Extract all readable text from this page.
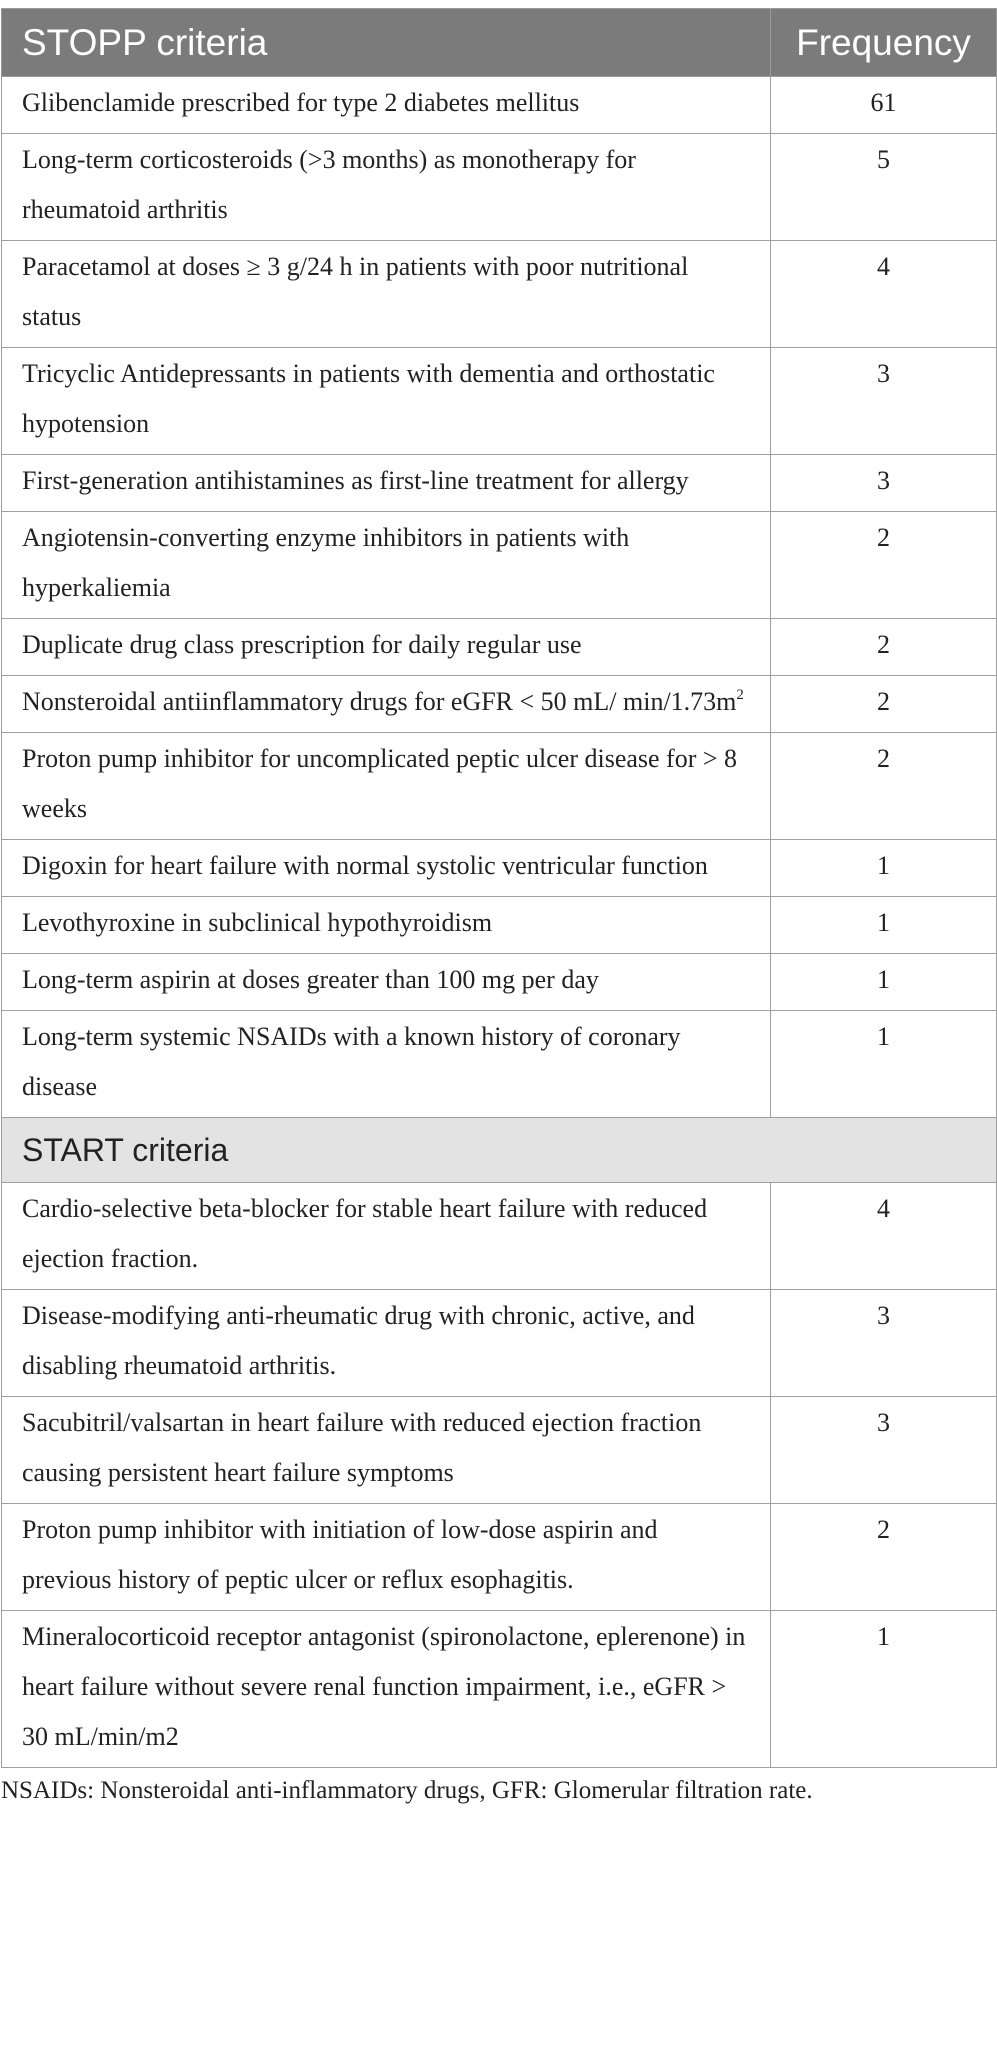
STOPP criteria	Frequency
Glibenclamide prescribed for type 2 diabetes mellitus	61
Long-term corticosteroids (>3 months) as monotherapy for rheumatoid arthritis	5
Paracetamol at doses ≥ 3 g/24 h in patients with poor nutritional status	4
Tricyclic Antidepressants in patients with dementia and orthostatic hypotension	3
First-generation antihistamines as first-line treatment for allergy	3
Angiotensin-converting enzyme inhibitors in patients with hyperkaliemia	2
Duplicate drug class prescription for daily regular use	2
Nonsteroidal antiinflammatory drugs for eGFR < 50 mL/ $\min/1.73m^2$	2
Proton pump inhibitor for uncomplicated peptic ulcer disease for > 8 weeks	2
Digoxin for heart failure with normal systolic ventricular function	1
Levothyroxine in subclinical hypothyroidism	1
Long-term aspirin at doses greater than 100 mg per day	1
Long-term systemic NSAIDs with a known history of coronary disease	1
START criteria	
Cardio-selective beta-blocker for stable heart failure with reduced ejection fraction.	4
Disease-modifying anti-rheumatic drug with chronic, active, and disabling rheumatoid arthritis.	3
Sacubitril/valsartan in heart failure with reduced ejection fraction causing persistent heart failure symptoms	3
Proton pump inhibitor with initiation of low-dose aspirin and previous history of peptic ulcer or reflux esophagitis.	2
Mineralocorticoid receptor antagonist (spironolactone, eplerenone) in heart failure without severe renal function impairment, i.e., eGFR > 30 mL/min/m2	1
NSAIDs: Nonsteroidal anti-inflammatory drugs, GFR: Glomerular filtration rate.
